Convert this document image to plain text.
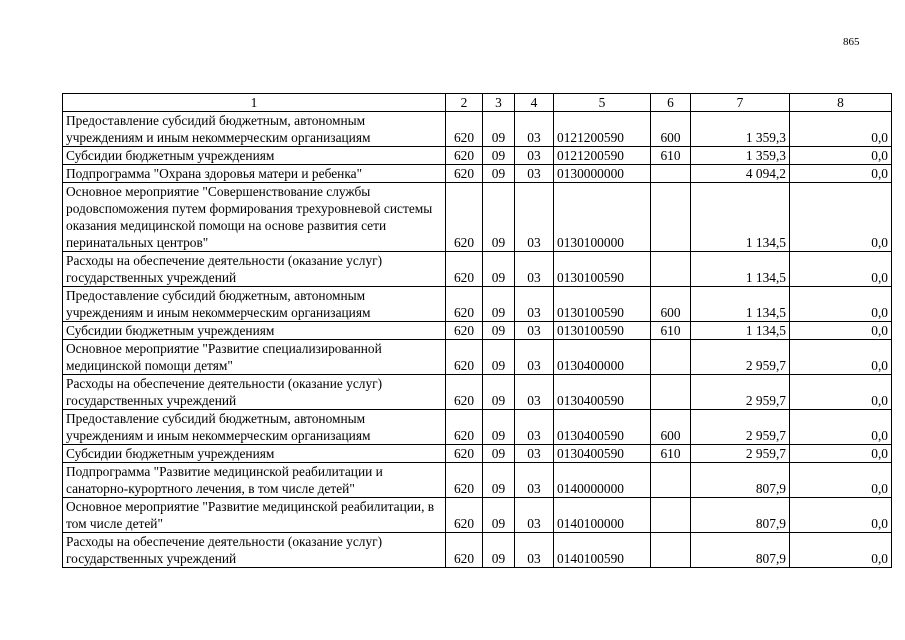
865
1	2	3	4	5	6	7	8
Предоставление субсидий бюджетным, автономным учреждениям и иным некоммерческим организациям	620	09	03	0121200590	600	1 359,3	0,0
Субсидии бюджетным учреждениям	620	09	03	0121200590	610	1 359,3	0,0
Подпрограмма "Охрана здоровья матери и ребенка"	620	09	03	0130000000		4 094,2	0,0
Основное мероприятие "Совершенствование службы родовспоможения путем формирования трехуровневой системы оказания медицинской помощи на основе развития сети перинатальных центров"	620	09	03	0130100000		1 134,5	0,0
Расходы на обеспечение деятельности (оказание услуг) государственных учреждений	620	09	03	0130100590		1 134,5	0,0
Предоставление субсидий бюджетным, автономным учреждениям и иным некоммерческим организациям	620	09	03	0130100590	600	1 134,5	0,0
Субсидии бюджетным учреждениям	620	09	03	0130100590	610	1 134,5	0,0
Основное мероприятие "Развитие специализированной медицинской помощи детям"	620	09	03	0130400000		2 959,7	0,0
Расходы на обеспечение деятельности (оказание услуг) государственных учреждений	620	09	03	0130400590		2 959,7	0,0
Предоставление субсидий бюджетным, автономным учреждениям и иным некоммерческим организациям	620	09	03	0130400590	600	2 959,7	0,0
Субсидии бюджетным учреждениям	620	09	03	0130400590	610	2 959,7	0,0
Подпрограмма "Развитие медицинской реабилитации и санаторно-курортного лечения, в том числе детей"	620	09	03	0140000000		807,9	0,0
Основное мероприятие "Развитие медицинской реабилитации, в том числе детей"	620	09	03	0140100000		807,9	0,0
Расходы на обеспечение деятельности (оказание услуг) государственных учреждений	620	09	03	0140100590		807,9	0,0
